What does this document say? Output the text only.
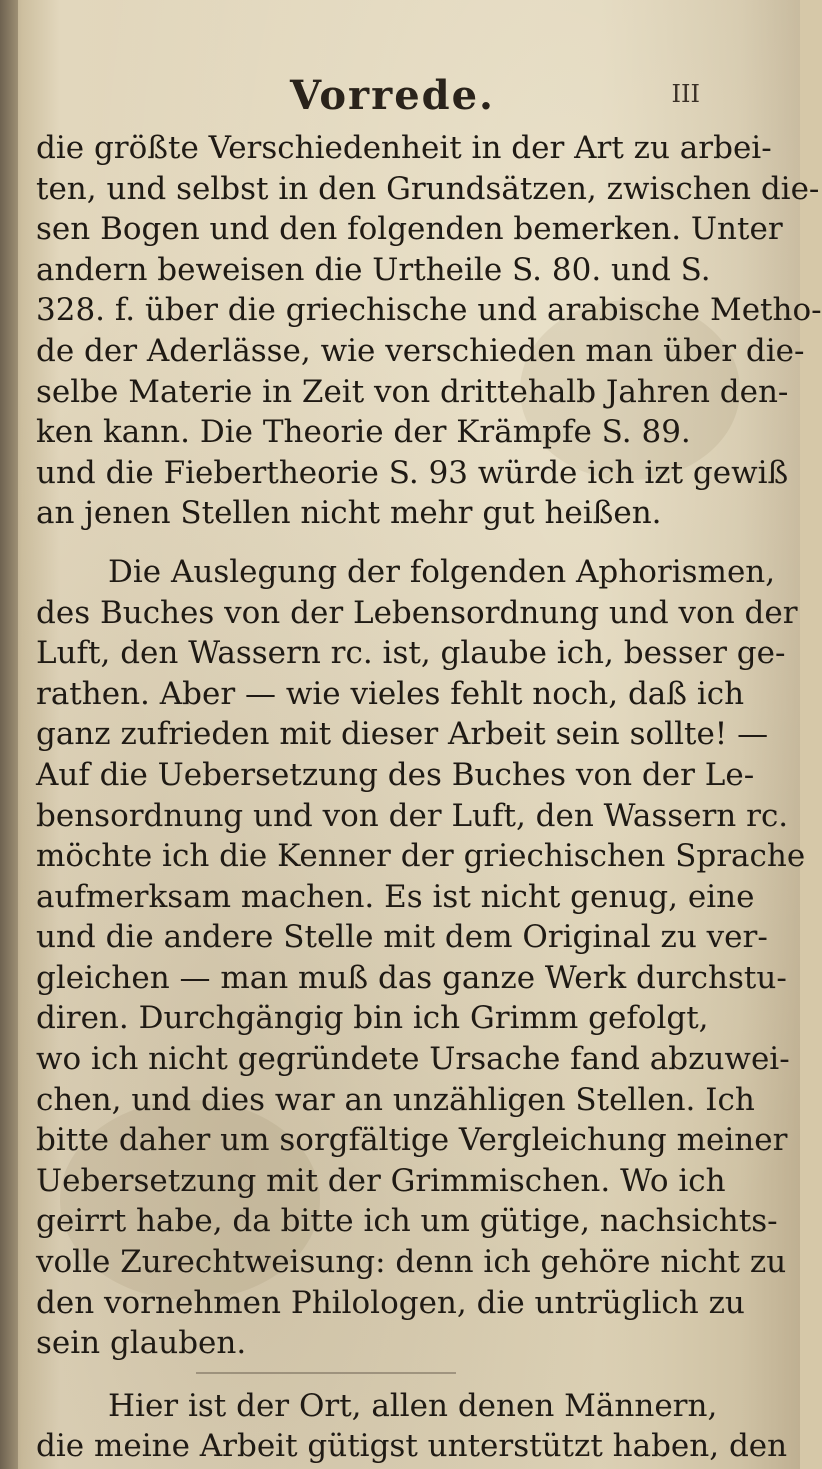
Vorrede.	III
die größte Verschiedenheit in der Art zu arbei-
ten, und selbst in den Grundsätzen, zwischen die-
sen Bogen und den folgenden bemerken. Unter
andern beweisen die Urtheile S. 80. und S.
328. f. über die griechische und arabische Metho-
de der Aderlässe, wie verschieden man über die-
selbe Materie in Zeit von drittehalb Jahren den-
ken kann. Die Theorie der Krämpfe S. 89.
und die Fiebertheorie S. 93 würde ich izt gewiß
an jenen Stellen nicht mehr gut heißen.
Die Auslegung der folgenden Aphorismen,
des Buches von der Lebensordnung und von der
Luft, den Wassern rc. ist, glaube ich, besser ge-
rathen. Aber — wie vieles fehlt noch, daß ich
ganz zufrieden mit dieser Arbeit sein sollte! —
Auf die Uebersetzung des Buches von der Le-
bensordnung und von der Luft, den Wassern rc.
möchte ich die Kenner der griechischen Sprache
aufmerksam machen. Es ist nicht genug, eine
und die andere Stelle mit dem Original zu ver-
gleichen — man muß das ganze Werk durchstu-
diren. Durchgängig bin ich Grimm gefolgt,
wo ich nicht gegründete Ursache fand abzuwei-
chen, und dies war an unzähligen Stellen. Ich
bitte daher um sorgfältige Vergleichung meiner
Uebersetzung mit der Grimmischen. Wo ich
geirrt habe, da bitte ich um gütige, nachsichts-
volle Zurechtweisung: denn ich gehöre nicht zu
den vornehmen Philologen, die untrüglich zu
sein glauben.
Hier ist der Ort, allen denen Männern,
die meine Arbeit gütigst unterstützt haben, den
